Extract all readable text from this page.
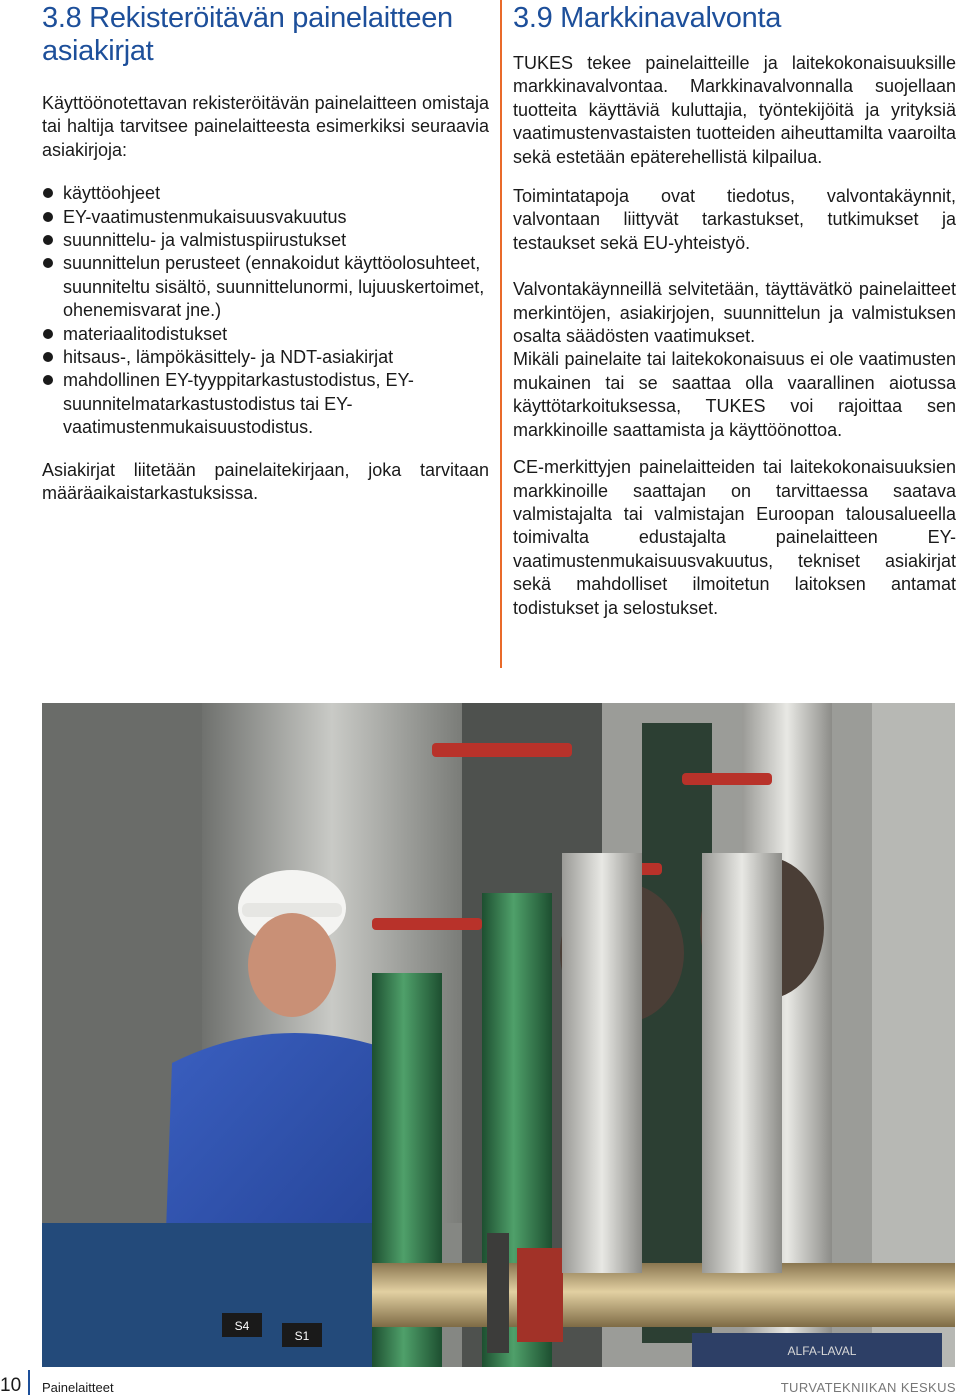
3.8 Rekisteröitävän painelaitteen asiakirjat

Käyttöönotettavan rekisteröitävän painelaitteen omistaja tai haltija tarvitsee painelaitteesta esimerkiksi seuraavia asiakirjoja:

käyttöohjeet
EY-vaatimustenmukaisuusvakuutus
suunnittelu- ja valmistuspiirustukset
suunnittelun perusteet (ennakoidut käyttöolosuhteet, suunniteltu sisältö, suunnittelunormi, lujuuskertoimet, ohenemisvarat jne.)
materiaalitodistukset
hitsaus-, lämpökäsittely- ja NDT-asiakirjat
mahdollinen EY-tyyppitarkastustodistus, EY-suunnitelmatarkastustodistus tai EY-vaatimustenmukaisuustodistus.

Asiakirjat liitetään painelaitekirjaan, joka tarvitaan määräaikaistarkastuksissa.

3.9 Markkinavalvonta

TUKES tekee painelaitteille ja laitekokonaisuuksille markkinavalvontaa. Markkinavalvonnalla suojellaan tuotteita käyttäviä kuluttajia, työntekijöitä ja yrityksiä vaatimustenvastaisten tuotteiden aiheuttamilta vaaroilta sekä estetään epäterehellistä kilpailua.

Toimintatapoja ovat tiedotus, valvontakäynnit, valvontaan liittyvät tarkastukset, tutkimukset ja testaukset sekä EU-yhteistyö.

Valvontakäynneillä selvitetään, täyttävätkö painelaitteet merkintöjen, asiakirjojen, suunnittelun ja valmistuksen osalta säädösten vaatimukset.

Mikäli painelaite tai laitekokonaisuus ei ole vaatimusten mukainen tai se saattaa olla vaarallinen aiotussa käyttötarkoituksessa, TUKES voi rajoittaa sen markkinoille saattamista ja käyttöönottoa.

CE-merkittyjen painelaitteiden tai laitekokonaisuuksien markkinoille saattajan on tarvittaessa saatava valmistajalta tai valmistajan Euroopan talousalueella toimivalta edustajalta painelaitteen EY-vaatimustenmukaisuusvakuutus, tekniset asiakirjat sekä mahdolliset ilmoitetun laitoksen antamat todistukset ja selostukset.

S4
S1
ALFA-LAVAL
10 Painelaitteet	TURVATEKNIIKAN KESKUS
